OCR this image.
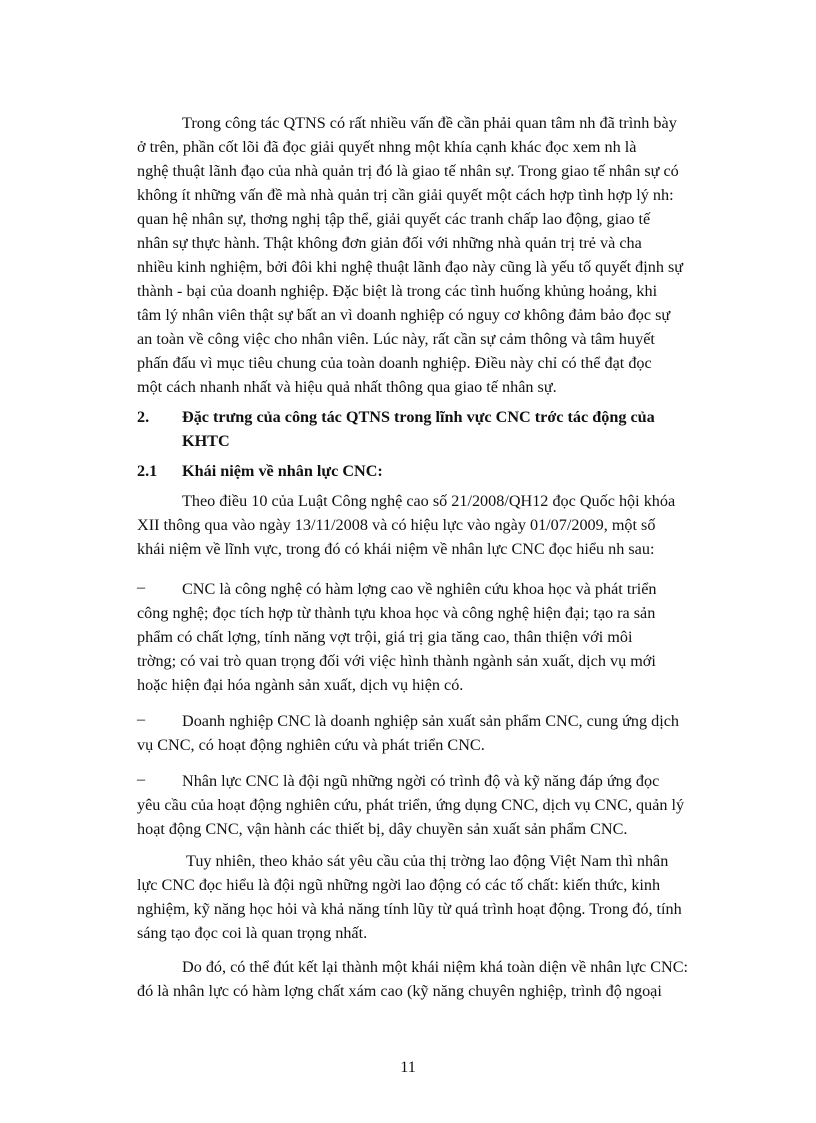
Trong công tác QTNS có rất nhiều vấn đề cần phải quan tâm nh đã trình bày
ở trên, phần cốt lõi đã đọc giải quyết nhng một khía cạnh khác đọc xem nh là
nghệ thuật lãnh đạo của nhà quản trị đó là giao tế nhân sự. Trong giao tế nhân sự có
không ít những vấn đề mà nhà quản trị cần giải quyết một cách hợp tình hợp lý nh:
quan hệ nhân sự, thơng nghị tập thể, giải quyết các tranh chấp lao động, giao tế
nhân sự thực hành. Thật không đơn giản đối với những nhà quản trị trẻ và cha
nhiều kinh nghiệm, bởi đôi khi nghệ thuật lãnh đạo này cũng là yếu tố quyết định sự
thành - bại của doanh nghiệp. Đặc biệt là trong các tình huống khủng hoảng, khi
tâm lý nhân viên thật sự bất an vì doanh nghiệp có nguy cơ không đảm bảo đọc sự
an toàn về công việc cho nhân viên. Lúc này, rất cần sự cảm thông và tâm huyết
phấn đấu vì mục tiêu chung của toàn doanh nghiệp. Điều này chỉ có thể đạt đọc
một cách nhanh nhất và hiệu quả nhất thông qua giao tế nhân sự.
2. Đặc trưng của công tác QTNS trong lĩnh vực CNC trớc tác động của
KHTC
2.1 Khái niệm về nhân lực CNC:
Theo điều 10 của Luật Công nghệ cao số 21/2008/QH12 đọc Quốc hội khóa
XII thông qua vào ngày 13/11/2008 và có hiệu lực vào ngày 01/07/2009, một số
khái niệm về lĩnh vực, trong đó có khái niệm về nhân lực CNC đọc hiểu nh sau:
– CNC là công nghệ có hàm lợng cao về nghiên cứu khoa học và phát triển
công nghệ; đọc tích hợp từ thành tựu khoa học và công nghệ hiện đại; tạo ra sản
phẩm có chất lợng, tính năng vợt trội, giá trị gia tăng cao, thân thiện với môi
trờng; có vai trò quan trọng đối với việc hình thành ngành sản xuất, dịch vụ mới
hoặc hiện đại hóa ngành sản xuất, dịch vụ hiện có.
– Doanh nghiệp CNC là doanh nghiệp sản xuất sản phẩm CNC, cung ứng dịch
vụ CNC, có hoạt động nghiên cứu và phát triển CNC.
– Nhân lực CNC là đội ngũ những ngời có trình độ và kỹ năng đáp ứng đọc
yêu cầu của hoạt động nghiên cứu, phát triển, ứng dụng CNC, dịch vụ CNC, quản lý
hoạt động CNC, vận hành các thiết bị, dây chuyền sản xuất sản phẩm CNC.
Tuy nhiên, theo khảo sát yêu cầu của thị trờng lao động Việt Nam thì nhân
lực CNC đọc hiểu là đội ngũ những ngời lao động có các tố chất: kiến thức, kinh
nghiệm, kỹ năng học hỏi và khả năng tính lũy từ quá trình hoạt động. Trong đó, tính
sáng tạo đọc coi là quan trọng nhất.
Do đó, có thể đút kết lại thành một khái niệm khá toàn diện về nhân lực CNC:
đó là nhân lực có hàm lợng chất xám cao (kỹ năng chuyên nghiệp, trình độ ngoại
11
